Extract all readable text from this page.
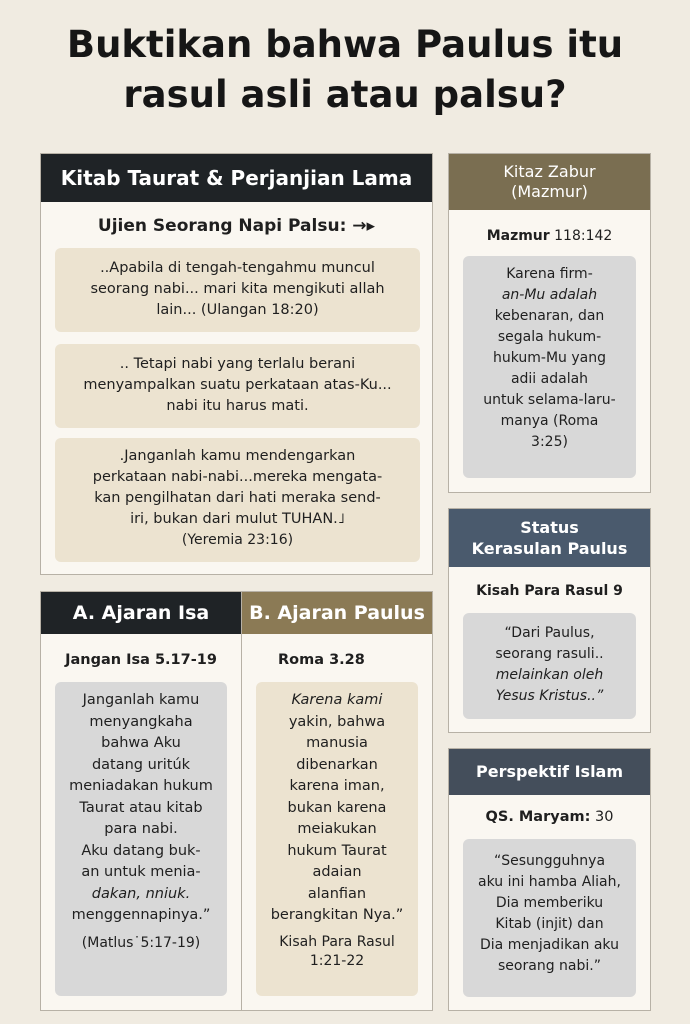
Buktikan bahwa Paulus itu
rasul asli atau palsu?
Kitab Taurat & Perjanjian Lama
Ujien Seorang Napi Palsu: →▸
..Apabila di tengah-tengahmu muncul
seorang nabi... mari kita mengikuti allah
lain... (Ulangan 18:20)
.. Tetapi nabi yang terlalu berani
menyampalkan suatu perkataan atas-Ku...
nabi itu harus mati.
.Janganlah kamu mendengarkan
perkataan nabi-nabi...mereka mengata-
kan pengilhatan dari hati meraka send-
iri, bukan dari mulut TUHAN.˩
(Yeremia 23:16)
Kitaz Zabur
(Mazmur)
Mazmur 118:142
Karena firm-
an-Mu adalah
kebenaran, dan
segala hukum-
hukum-Mu yang
adii adalah
untuk selama-laru-
manya (Roma
3:25)
Status
Kerasulan Paulus
Kisah Para Rasul 9
“Dari Paulus,
seorang rasuli..
melainkan oleh
Yesus Kristus..”
A. Ajaran Isa
Jangan Isa 5.17-19
Janganlah kamu
menyangkaha
bahwa Aku
datang uritúk
meniadakan hukum
Taurat atau kitab
para nabi.
Aku datang buk-
an untuk menia-
dakan, nniuk.
menggennapinya.”
(Matlus˙5:17-19)
B. Ajaran Paulus
Roma 3.28
Karena kami
yakin, bahwa
manusia
dibenarkan
karena iman,
bukan karena
meiakukan
hukum Taurat
adaian
alanfian
berangkitan Nya.”
Kisah Para Rasul
1:21-22
Perspektif Islam
QS. Maryam: 30
“Sesungguhnya
aku ini hamba Aliah,
Dia memberiku
Kitab (injit) dan
Dia menjadikan aku
seorang nabi.”
